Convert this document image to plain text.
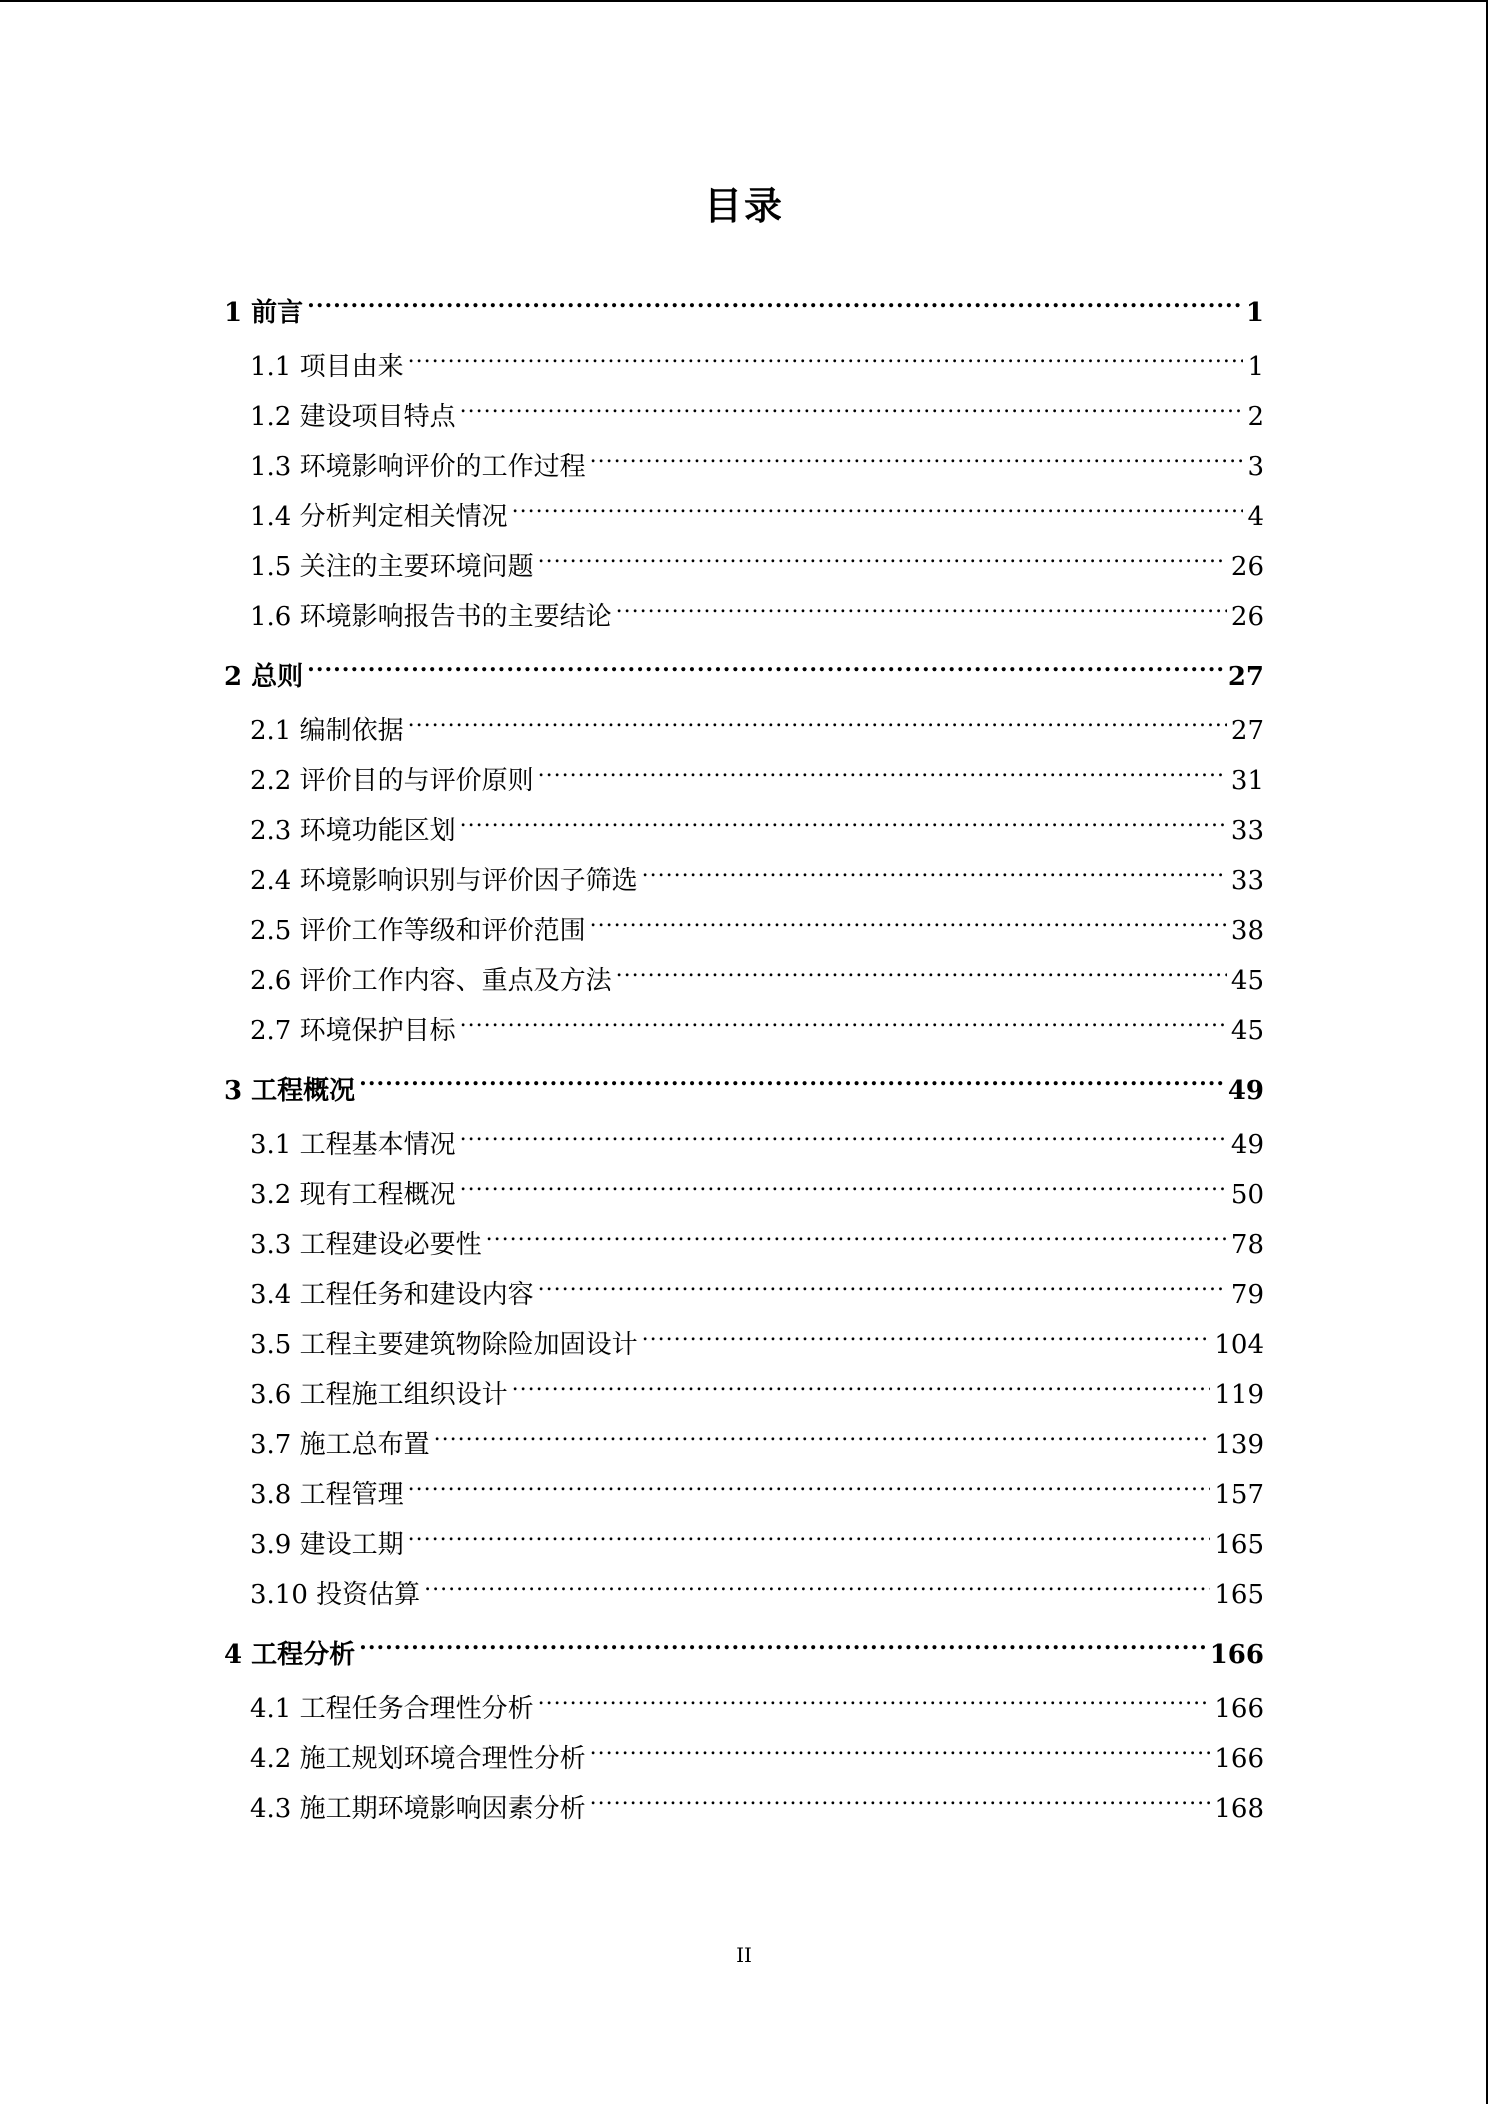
目录
1 前言 .....	1
1.1 项目由来 .....	1
1.2 建设项目特点 .....	2
1.3 环境影响评价的工作过程 .....	3
1.4 分析判定相关情况 .....	4
1.5 关注的主要环境问题 .....	26
1.6 环境影响报告书的主要结论 .....	26
2 总则 .....	27
2.1 编制依据 .....	27
2.2 评价目的与评价原则 .....	31
2.3 环境功能区划 .....	33
2.4 环境影响识别与评价因子筛选 .....	33
2.5 评价工作等级和评价范围 .....	38
2.6 评价工作内容、重点及方法 .....	45
2.7 环境保护目标 .....	45
3 工程概况 .....	49
3.1 工程基本情况 .....	49
3.2 现有工程概况 .....	50
3.3 工程建设必要性 .....	78
3.4 工程任务和建设内容 .....	79
3.5 工程主要建筑物除险加固设计 .....	104
3.6 工程施工组织设计 .....	119
3.7 施工总布置 .....	139
3.8 工程管理 .....	157
3.9 建设工期 .....	165
3.10 投资估算 .....	165
4 工程分析 .....	166
4.1 工程任务合理性分析 .....	166
4.2 施工规划环境合理性分析 .....	166
4.3 施工期环境影响因素分析 .....	168
II
